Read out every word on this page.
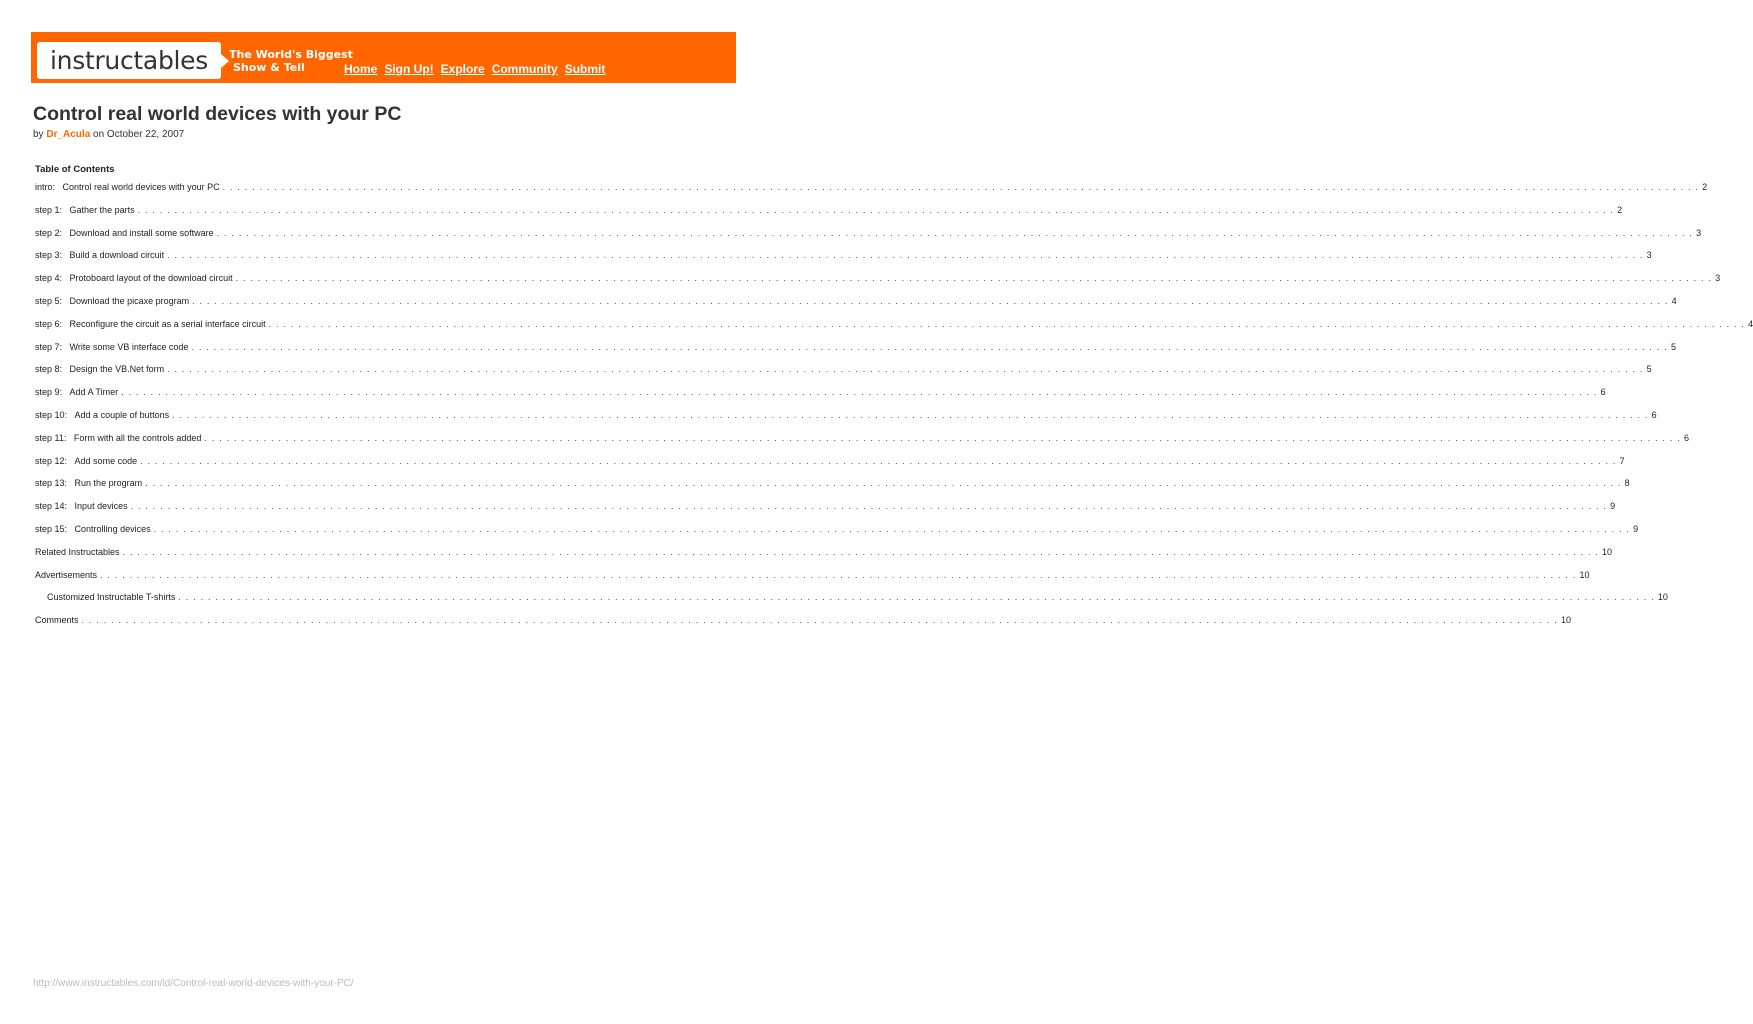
instructables The World's Biggest
Show & Tell	Home Sign Up! Explore Community Submit
Control real world devices with your PC
by Dr_Acula on October 22, 2007
Table of Contents
intro:
Control real world devices with your PC . . . . . . . . . . . . . . . . . . . . . . . . . . . . . . . . . . . . . . . . . . . . . . . . . . . . . . . . . . . . . . . . . . . . . . . . . . . . . . . . . . . . . . . . . . . . . . . . . . . . . . . . . . . . . . . . . . . . . . . . . . . . . . . . . . . . . . . . . . . . . . . . . . . . . . . . . . . . . . . . . . . . . . . . . . . . . . . . . . . . . . . . . . . . . . . . . . . . . . . . 2
step 1:
Gather the parts . . . . . . . . . . . . . . . . . . . . . . . . . . . . . . . . . . . . . . . . . . . . . . . . . . . . . . . . . . . . . . . . . . . . . . . . . . . . . . . . . . . . . . . . . . . . . . . . . . . . . . . . . . . . . . . . . . . . . . . . . . . . . . . . . . . . . . . . . . . . . . . . . . . . . . . . . . . . . . . . . . . . . . . . . . . . . . . . . . . . . . . . . . . . . . . . . . . . . . . . 2
step 2:
Download and install some software . . . . . . . . . . . . . . . . . . . . . . . . . . . . . . . . . . . . . . . . . . . . . . . . . . . . . . . . . . . . . . . . . . . . . . . . . . . . . . . . . . . . . . . . . . . . . . . . . . . . . . . . . . . . . . . . . . . . . . . . . . . . . . . . . . . . . . . . . . . . . . . . . . . . . . . . . . . . . . . . . . . . . . . . . . . . . . . . . . . . . . . . . . . . . . . . . . . . . . . . 3
step 3:
Build a download circuit . . . . . . . . . . . . . . . . . . . . . . . . . . . . . . . . . . . . . . . . . . . . . . . . . . . . . . . . . . . . . . . . . . . . . . . . . . . . . . . . . . . . . . . . . . . . . . . . . . . . . . . . . . . . . . . . . . . . . . . . . . . . . . . . . . . . . . . . . . . . . . . . . . . . . . . . . . . . . . . . . . . . . . . . . . . . . . . . . . . . . . . . . . . . . . . . . . . . . . . . 3
step 4:
Protoboard layout of the download circuit . . . . . . . . . . . . . . . . . . . . . . . . . . . . . . . . . . . . . . . . . . . . . . . . . . . . . . . . . . . . . . . . . . . . . . . . . . . . . . . . . . . . . . . . . . . . . . . . . . . . . . . . . . . . . . . . . . . . . . . . . . . . . . . . . . . . . . . . . . . . . . . . . . . . . . . . . . . . . . . . . . . . . . . . . . . . . . . . . . . . . . . . . . . . . . . . . . . . . . . . 3
step 5:
Download the picaxe program . . . . . . . . . . . . . . . . . . . . . . . . . . . . . . . . . . . . . . . . . . . . . . . . . . . . . . . . . . . . . . . . . . . . . . . . . . . . . . . . . . . . . . . . . . . . . . . . . . . . . . . . . . . . . . . . . . . . . . . . . . . . . . . . . . . . . . . . . . . . . . . . . . . . . . . . . . . . . . . . . . . . . . . . . . . . . . . . . . . . . . . . . . . . . . . . . . . . . . . . 4
step 6:
Reconfigure the circuit as a serial interface circuit . . . . . . . . . . . . . . . . . . . . . . . . . . . . . . . . . . . . . . . . . . . . . . . . . . . . . . . . . . . . . . . . . . . . . . . . . . . . . . . . . . . . . . . . . . . . . . . . . . . . . . . . . . . . . . . . . . . . . . . . . . . . . . . . . . . . . . . . . . . . . . . . . . . . . . . . . . . . . . . . . . . . . . . . . . . . . . . . . . . . . . . . . . . . . . . . . . . . . . . . 4
step 7:
Write some VB interface code . . . . . . . . . . . . . . . . . . . . . . . . . . . . . . . . . . . . . . . . . . . . . . . . . . . . . . . . . . . . . . . . . . . . . . . . . . . . . . . . . . . . . . . . . . . . . . . . . . . . . . . . . . . . . . . . . . . . . . . . . . . . . . . . . . . . . . . . . . . . . . . . . . . . . . . . . . . . . . . . . . . . . . . . . . . . . . . . . . . . . . . . . . . . . . . . . . . . . . . . 5
step 8:
Design the VB.Net form . . . . . . . . . . . . . . . . . . . . . . . . . . . . . . . . . . . . . . . . . . . . . . . . . . . . . . . . . . . . . . . . . . . . . . . . . . . . . . . . . . . . . . . . . . . . . . . . . . . . . . . . . . . . . . . . . . . . . . . . . . . . . . . . . . . . . . . . . . . . . . . . . . . . . . . . . . . . . . . . . . . . . . . . . . . . . . . . . . . . . . . . . . . . . . . . . . . . . . . . 5
step 9:
Add A Timer . . . . . . . . . . . . . . . . . . . . . . . . . . . . . . . . . . . . . . . . . . . . . . . . . . . . . . . . . . . . . . . . . . . . . . . . . . . . . . . . . . . . . . . . . . . . . . . . . . . . . . . . . . . . . . . . . . . . . . . . . . . . . . . . . . . . . . . . . . . . . . . . . . . . . . . . . . . . . . . . . . . . . . . . . . . . . . . . . . . . . . . . . . . . . . . . . . . . . . . . 6
step 10:
Add a couple of buttons . . . . . . . . . . . . . . . . . . . . . . . . . . . . . . . . . . . . . . . . . . . . . . . . . . . . . . . . . . . . . . . . . . . . . . . . . . . . . . . . . . . . . . . . . . . . . . . . . . . . . . . . . . . . . . . . . . . . . . . . . . . . . . . . . . . . . . . . . . . . . . . . . . . . . . . . . . . . . . . . . . . . . . . . . . . . . . . . . . . . . . . . . . . . . . . . . . . . . . . . 6
step 11:
Form with all the controls added . . . . . . . . . . . . . . . . . . . . . . . . . . . . . . . . . . . . . . . . . . . . . . . . . . . . . . . . . . . . . . . . . . . . . . . . . . . . . . . . . . . . . . . . . . . . . . . . . . . . . . . . . . . . . . . . . . . . . . . . . . . . . . . . . . . . . . . . . . . . . . . . . . . . . . . . . . . . . . . . . . . . . . . . . . . . . . . . . . . . . . . . . . . . . . . . . . . . . . . . 6
step 12:
Add some code . . . . . . . . . . . . . . . . . . . . . . . . . . . . . . . . . . . . . . . . . . . . . . . . . . . . . . . . . . . . . . . . . . . . . . . . . . . . . . . . . . . . . . . . . . . . . . . . . . . . . . . . . . . . . . . . . . . . . . . . . . . . . . . . . . . . . . . . . . . . . . . . . . . . . . . . . . . . . . . . . . . . . . . . . . . . . . . . . . . . . . . . . . . . . . . . . . . . . . . . 7
step 13:
Run the program . . . . . . . . . . . . . . . . . . . . . . . . . . . . . . . . . . . . . . . . . . . . . . . . . . . . . . . . . . . . . . . . . . . . . . . . . . . . . . . . . . . . . . . . . . . . . . . . . . . . . . . . . . . . . . . . . . . . . . . . . . . . . . . . . . . . . . . . . . . . . . . . . . . . . . . . . . . . . . . . . . . . . . . . . . . . . . . . . . . . . . . . . . . . . . . . . . . . . . . . 8
step 14:
Input devices . . . . . . . . . . . . . . . . . . . . . . . . . . . . . . . . . . . . . . . . . . . . . . . . . . . . . . . . . . . . . . . . . . . . . . . . . . . . . . . . . . . . . . . . . . . . . . . . . . . . . . . . . . . . . . . . . . . . . . . . . . . . . . . . . . . . . . . . . . . . . . . . . . . . . . . . . . . . . . . . . . . . . . . . . . . . . . . . . . . . . . . . . . . . . . . . . . . . . . . . 9
step 15:
Controlling devices . . . . . . . . . . . . . . . . . . . . . . . . . . . . . . . . . . . . . . . . . . . . . . . . . . . . . . . . . . . . . . . . . . . . . . . . . . . . . . . . . . . . . . . . . . . . . . . . . . . . . . . . . . . . . . . . . . . . . . . . . . . . . . . . . . . . . . . . . . . . . . . . . . . . . . . . . . . . . . . . . . . . . . . . . . . . . . . . . . . . . . . . . . . . . . . . . . . . . . . . 9
Related Instructables . . . . . . . . . . . . . . . . . . . . . . . . . . . . . . . . . . . . . . . . . . . . . . . . . . . . . . . . . . . . . . . . . . . . . . . . . . . . . . . . . . . . . . . . . . . . . . . . . . . . . . . . . . . . . . . . . . . . . . . . . . . . . . . . . . . . . . . . . . . . . . . . . . . . . . . . . . . . . . . . . . . . . . . . . . . . . . . . . . . . . . . . . . . . . . . . . . . . . . . . 10
Advertisements . . . . . . . . . . . . . . . . . . . . . . . . . . . . . . . . . . . . . . . . . . . . . . . . . . . . . . . . . . . . . . . . . . . . . . . . . . . . . . . . . . . . . . . . . . . . . . . . . . . . . . . . . . . . . . . . . . . . . . . . . . . . . . . . . . . . . . . . . . . . . . . . . . . . . . . . . . . . . . . . . . . . . . . . . . . . . . . . . . . . . . . . . . . . . . . . . . . . . . . . 10
Customized Instructable T-shirts . . . . . . . . . . . . . . . . . . . . . . . . . . . . . . . . . . . . . . . . . . . . . . . . . . . . . . . . . . . . . . . . . . . . . . . . . . . . . . . . . . . . . . . . . . . . . . . . . . . . . . . . . . . . . . . . . . . . . . . . . . . . . . . . . . . . . . . . . . . . . . . . . . . . . . . . . . . . . . . . . . . . . . . . . . . . . . . . . . . . . . . . . . . . . . . . . . . . . . . . 10
Comments . . . . . . . . . . . . . . . . . . . . . . . . . . . . . . . . . . . . . . . . . . . . . . . . . . . . . . . . . . . . . . . . . . . . . . . . . . . . . . . . . . . . . . . . . . . . . . . . . . . . . . . . . . . . . . . . . . . . . . . . . . . . . . . . . . . . . . . . . . . . . . . . . . . . . . . . . . . . . . . . . . . . . . . . . . . . . . . . . . . . . . . . . . . . . . . . . . . . . . . . 10
http://www.instructables.com/id/Control-real-world-devices-with-your-PC/
